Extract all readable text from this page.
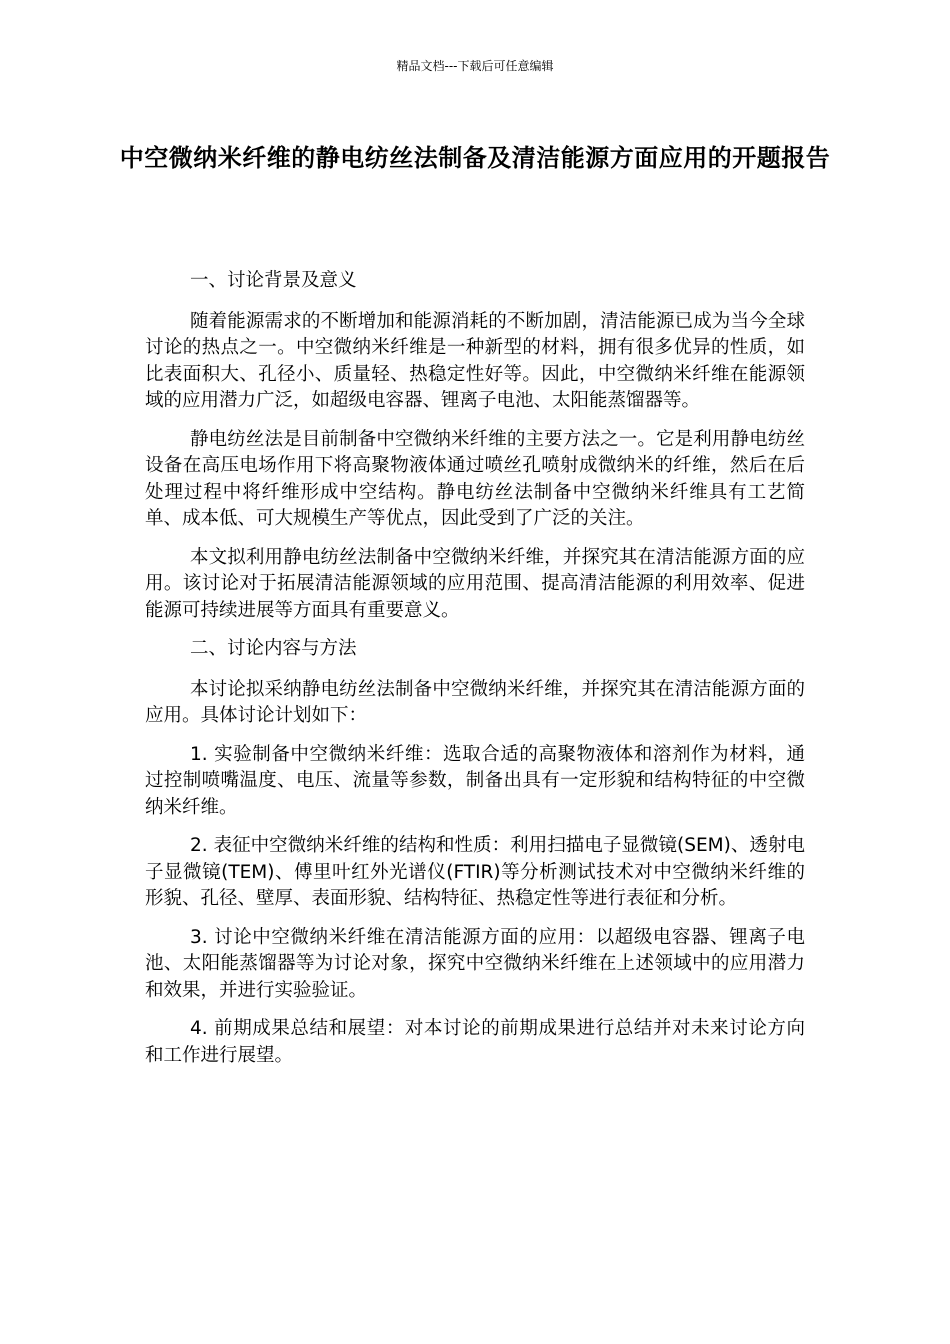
精品文档---下载后可任意编辑
中空微纳米纤维的静电纺丝法制备及清洁能源方面应用的开题报告

一、讨论背景及意义

随着能源需求的不断增加和能源消耗的不断加剧，清洁能源已成为当今全球讨论的热点之一。中空微纳米纤维是一种新型的材料，拥有很多优异的性质，如比表面积大、孔径小、质量轻、热稳定性好等。因此，中空微纳米纤维在能源领域的应用潜力广泛，如超级电容器、锂离子电池、太阳能蒸馏器等。

静电纺丝法是目前制备中空微纳米纤维的主要方法之一。它是利用静电纺丝设备在高压电场作用下将高聚物液体通过喷丝孔喷射成微纳米的纤维，然后在后处理过程中将纤维形成中空结构。静电纺丝法制备中空微纳米纤维具有工艺简单、成本低、可大规模生产等优点，因此受到了广泛的关注。

本文拟利用静电纺丝法制备中空微纳米纤维，并探究其在清洁能源方面的应用。该讨论对于拓展清洁能源领域的应用范围、提高清洁能源的利用效率、促进能源可持续进展等方面具有重要意义。

二、讨论内容与方法

本讨论拟采纳静电纺丝法制备中空微纳米纤维，并探究其在清洁能源方面的应用。具体讨论计划如下：

1. 实验制备中空微纳米纤维：选取合适的高聚物液体和溶剂作为材料，通过控制喷嘴温度、电压、流量等参数，制备出具有一定形貌和结构特征的中空微纳米纤维。

2. 表征中空微纳米纤维的结构和性质：利用扫描电子显微镜(SEM)、透射电子显微镜(TEM)、傅里叶红外光谱仪(FTIR)等分析测试技术对中空微纳米纤维的形貌、孔径、壁厚、表面形貌、结构特征、热稳定性等进行表征和分析。

3. 讨论中空微纳米纤维在清洁能源方面的应用：以超级电容器、锂离子电池、太阳能蒸馏器等为讨论对象，探究中空微纳米纤维在上述领域中的应用潜力和效果，并进行实验验证。

4. 前期成果总结和展望：对本讨论的前期成果进行总结并对未来讨论方向和工作进行展望。
